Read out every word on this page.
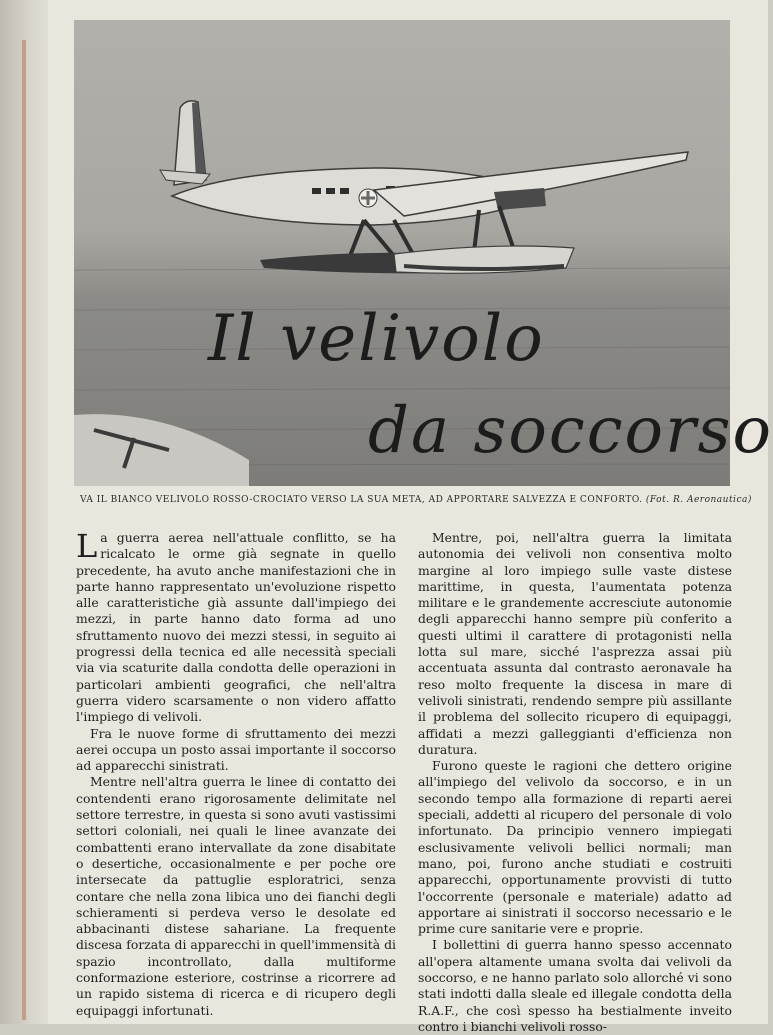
Il velivolo
da soccorso
VA IL BIANCO VELIVOLO ROSSO-CROCIATO VERSO LA SUA META, AD APPORTARE SALVEZZA E CONFORTO. (Fot. R. Aeronautica)

La guerra aerea nell'attuale conflitto, se ha ricalcato le orme già segnate in quello precedente, ha avuto anche manifestazioni che in parte hanno rappresentato un'evoluzione rispetto alle caratteristiche già assunte dall'impiego dei mezzi, in parte hanno dato forma ad uno sfruttamento nuovo dei mezzi stessi, in seguito ai progressi della tecnica ed alle necessità speciali via via scaturite dalla condotta delle operazioni in particolari ambienti geografici, che nell'altra guerra videro scarsamente o non videro affatto l'impiego di velivoli.

Fra le nuove forme di sfruttamento dei mezzi aerei occupa un posto assai importante il soccorso ad apparecchi sinistrati.

Mentre nell'altra guerra le linee di contatto dei contendenti erano rigorosamente delimitate nel settore terrestre, in questa si sono avuti vastissimi settori coloniali, nei quali le linee avanzate dei combattenti erano intervallate da zone disabitate o desertiche, occasionalmente e per poche ore intersecate da pattuglie esploratrici, senza contare che nella zona libica uno dei fianchi degli schieramenti si perdeva verso le desolate ed abbacinanti distese sahariane. La frequente discesa forzata di apparecchi in quell'immensità di spazio incontrollato, dalla multiforme conformazione esteriore, costrinse a ricorrere ad un rapido sistema di ricerca e di ricupero degli equipaggi infortunati.

Mentre, poi, nell'altra guerra la limitata autonomia dei velivoli non consentiva molto margine al loro impiego sulle vaste distese marittime, in questa, l'aumentata potenza militare e le grandemente accresciute autonomie degli apparecchi hanno sempre più conferito a questi ultimi il carattere di protagonisti nella lotta sul mare, sicché l'asprezza assai più accentuata assunta dal contrasto aeronavale ha reso molto frequente la discesa in mare di velivoli sinistrati, rendendo sempre più assillante il problema del sollecito ricupero di equipaggi, affidati a mezzi galleggianti d'efficienza non duratura.

Furono queste le ragioni che dettero origine all'impiego del velivolo da soccorso, e in un secondo tempo alla formazione di reparti aerei speciali, addetti al ricupero del personale di volo infortunato. Da principio vennero impiegati esclusivamente velivoli bellici normali; man mano, poi, furono anche studiati e costruiti apparecchi, opportunamente provvisti di tutto l'occorrente (personale e materiale) adatto ad apportare ai sinistrati il soccorso necessario e le prime cure sanitarie vere e proprie.

I bollettini di guerra hanno spesso accennato all'opera altamente umana svolta dai velivoli da soccorso, e ne hanno parlato solo allorché vi sono stati indotti dalla sleale ed illegale condotta della R.A.F., che così spesso ha bestialmente inveito contro i bianchi velivoli rosso-
